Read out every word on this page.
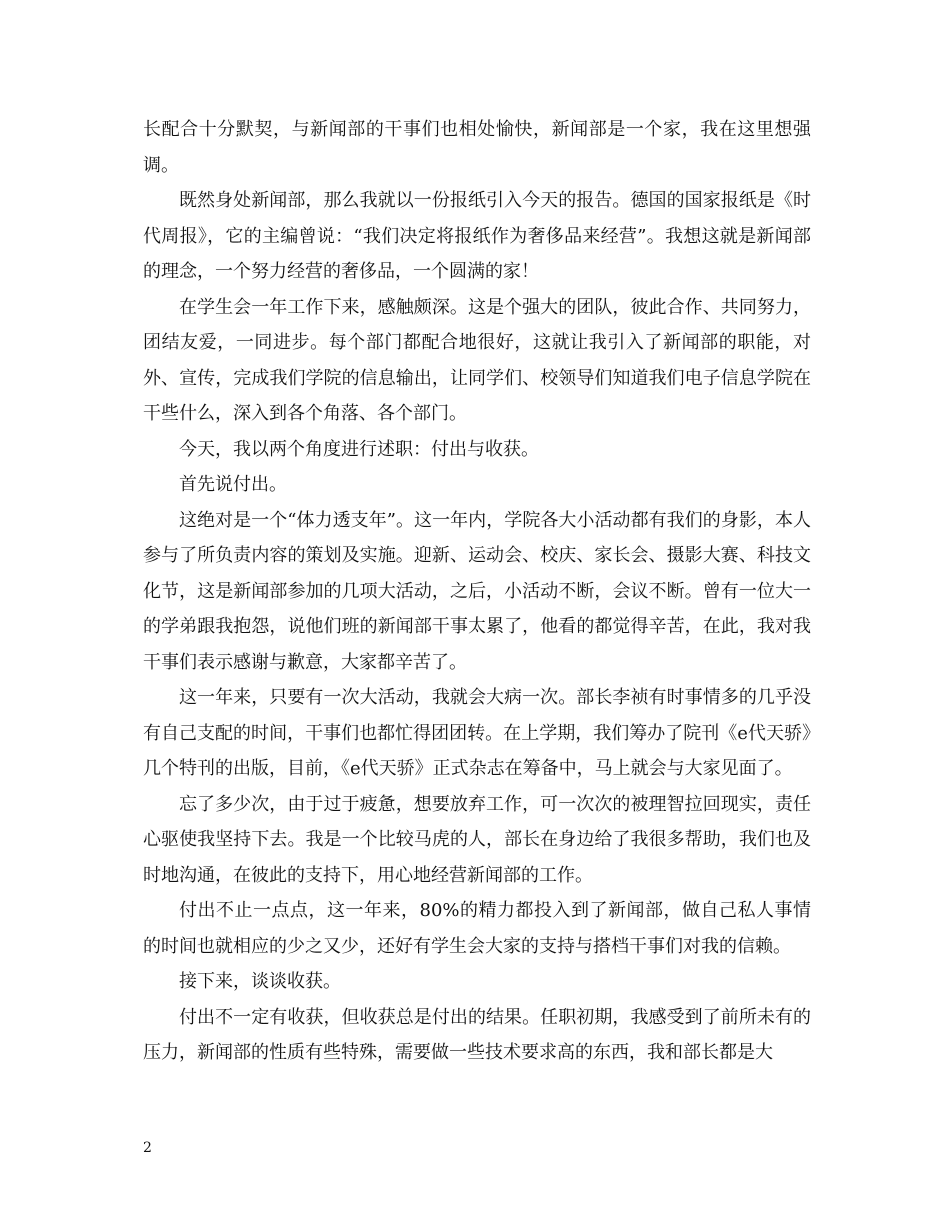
长配合十分默契，与新闻部的干事们也相处愉快，新闻部是一个家，我在这里想强调。

既然身处新闻部，那么我就以一份报纸引入今天的报告。德国的国家报纸是《时代周报》，它的主编曾说：“我们决定将报纸作为奢侈品来经营”。我想这就是新闻部的理念，一个努力经营的奢侈品，一个圆满的家！

在学生会一年工作下来，感触颇深。这是个强大的团队，彼此合作、共同努力，团结友爱，一同进步。每个部门都配合地很好，这就让我引入了新闻部的职能，对外、宣传，完成我们学院的信息输出，让同学们、校领导们知道我们电子信息学院在干些什么，深入到各个角落、各个部门。

今天，我以两个角度进行述职：付出与收获。

首先说付出。

这绝对是一个“体力透支年”。这一年内，学院各大小活动都有我们的身影，本人参与了所负责内容的策划及实施。迎新、运动会、校庆、家长会、摄影大赛、科技文化节，这是新闻部参加的几项大活动，之后，小活动不断，会议不断。曾有一位大一的学弟跟我抱怨，说他们班的新闻部干事太累了，他看的都觉得辛苦，在此，我对我干事们表示感谢与歉意，大家都辛苦了。

这一年来，只要有一次大活动，我就会大病一次。部长李祯有时事情多的几乎没有自己支配的时间，干事们也都忙得团团转。在上学期，我们筹办了院刊《e代天骄》几个特刊的出版，目前，《e代天骄》正式杂志在筹备中，马上就会与大家见面了。

忘了多少次，由于过于疲惫，想要放弃工作，可一次次的被理智拉回现实，责任心驱使我坚持下去。我是一个比较马虎的人，部长在身边给了我很多帮助，我们也及时地沟通，在彼此的支持下，用心地经营新闻部的工作。

付出不止一点点，这一年来，80%的精力都投入到了新闻部，做自己私人事情的时间也就相应的少之又少，还好有学生会大家的支持与搭档干事们对我的信赖。

接下来，谈谈收获。

付出不一定有收获，但收获总是付出的结果。任职初期，我感受到了前所未有的压力，新闻部的性质有些特殊，需要做一些技术要求高的东西，我和部长都是大

2
